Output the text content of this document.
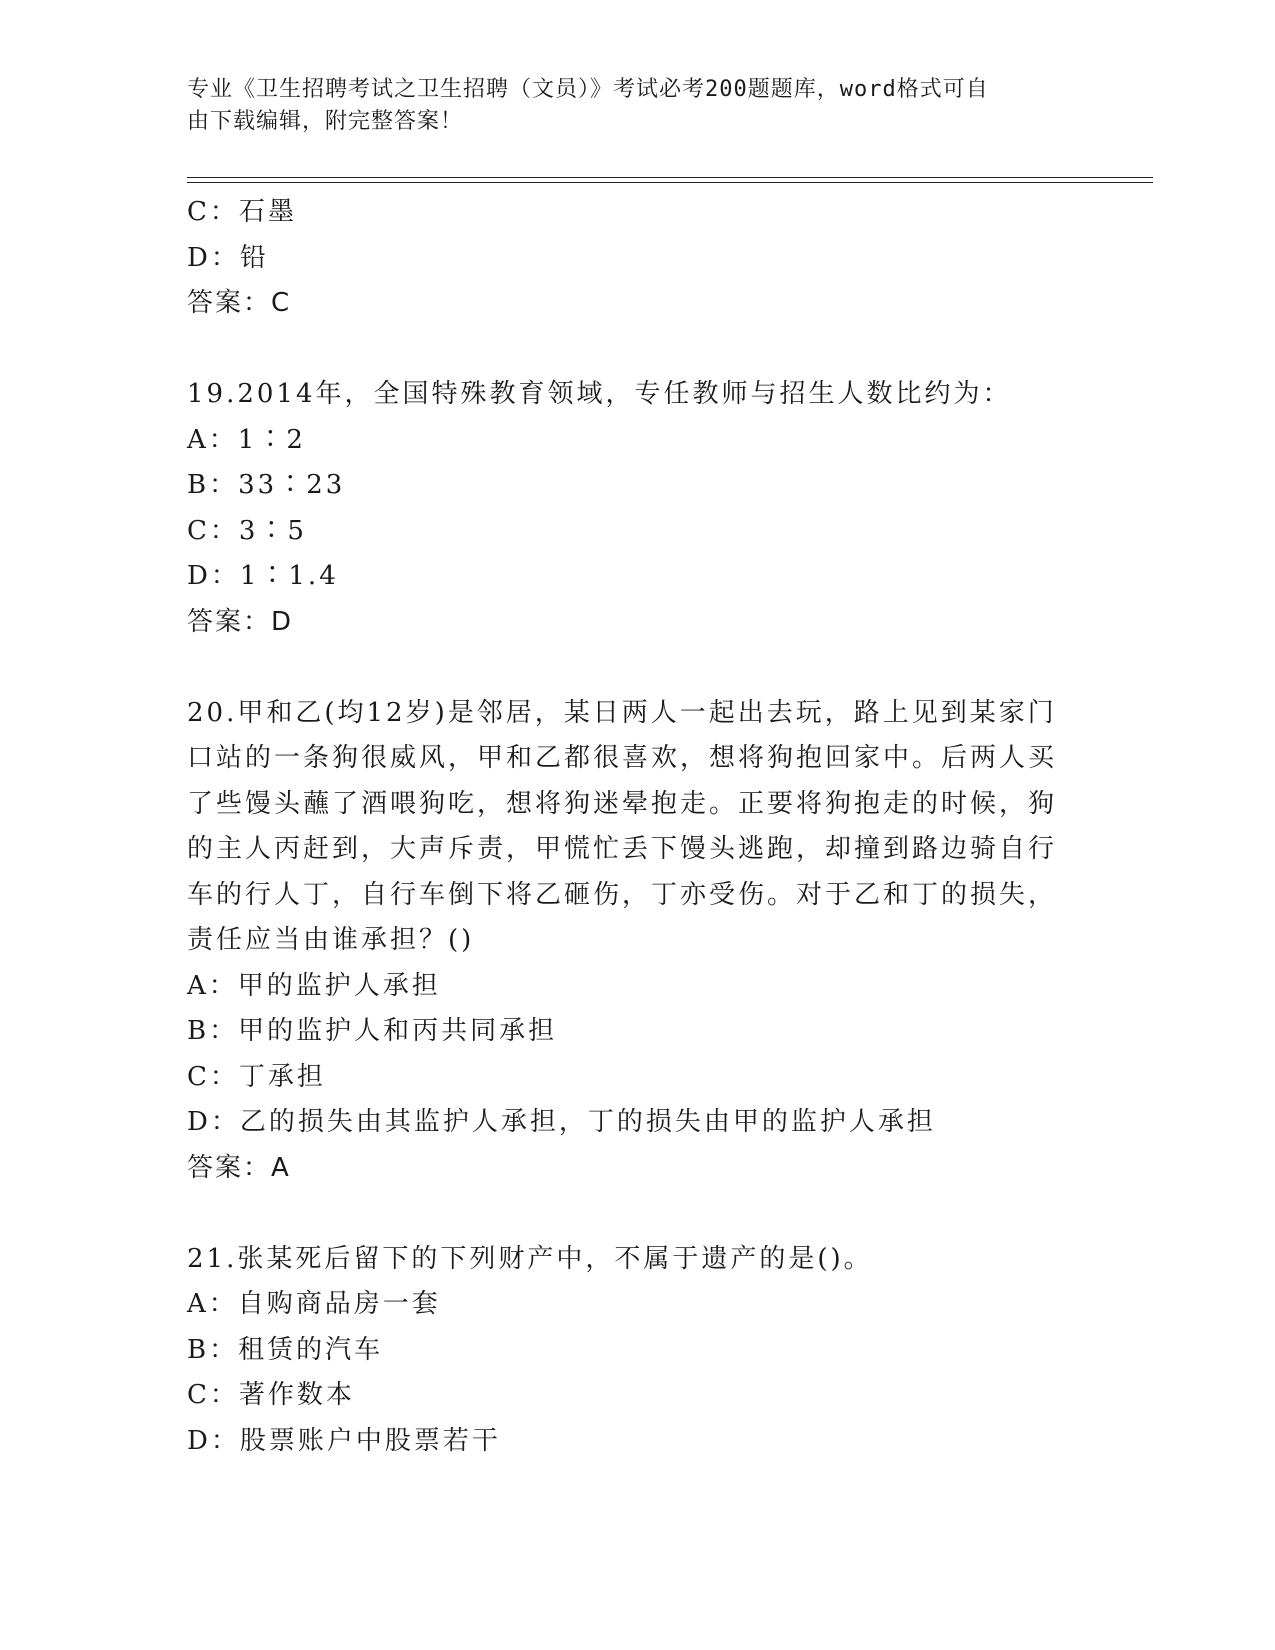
专业《卫生招聘考试之卫生招聘（文员）》考试必考200题题库，word格式可自
由下载编辑，附完整答案！
C：石墨
D：铅
答案：C
19.2014年，全国特殊教育领域，专任教师与招生人数比约为：
A：1∶2
B：33∶23
C：3∶5
D：1∶1.4
答案：D
20.甲和乙(均12岁)是邻居，某日两人一起出去玩，路上见到某家门
口站的一条狗很威风，甲和乙都很喜欢，想将狗抱回家中。后两人买
了些馒头蘸了酒喂狗吃，想将狗迷晕抱走。正要将狗抱走的时候，狗
的主人丙赶到，大声斥责，甲慌忙丢下馒头逃跑，却撞到路边骑自行
车的行人丁，自行车倒下将乙砸伤，丁亦受伤。对于乙和丁的损失，
责任应当由谁承担？()
A：甲的监护人承担
B：甲的监护人和丙共同承担
C：丁承担
D：乙的损失由其监护人承担，丁的损失由甲的监护人承担
答案：A
21.张某死后留下的下列财产中，不属于遗产的是()。
A：自购商品房一套
B：租赁的汽车
C：著作数本
D：股票账户中股票若干
